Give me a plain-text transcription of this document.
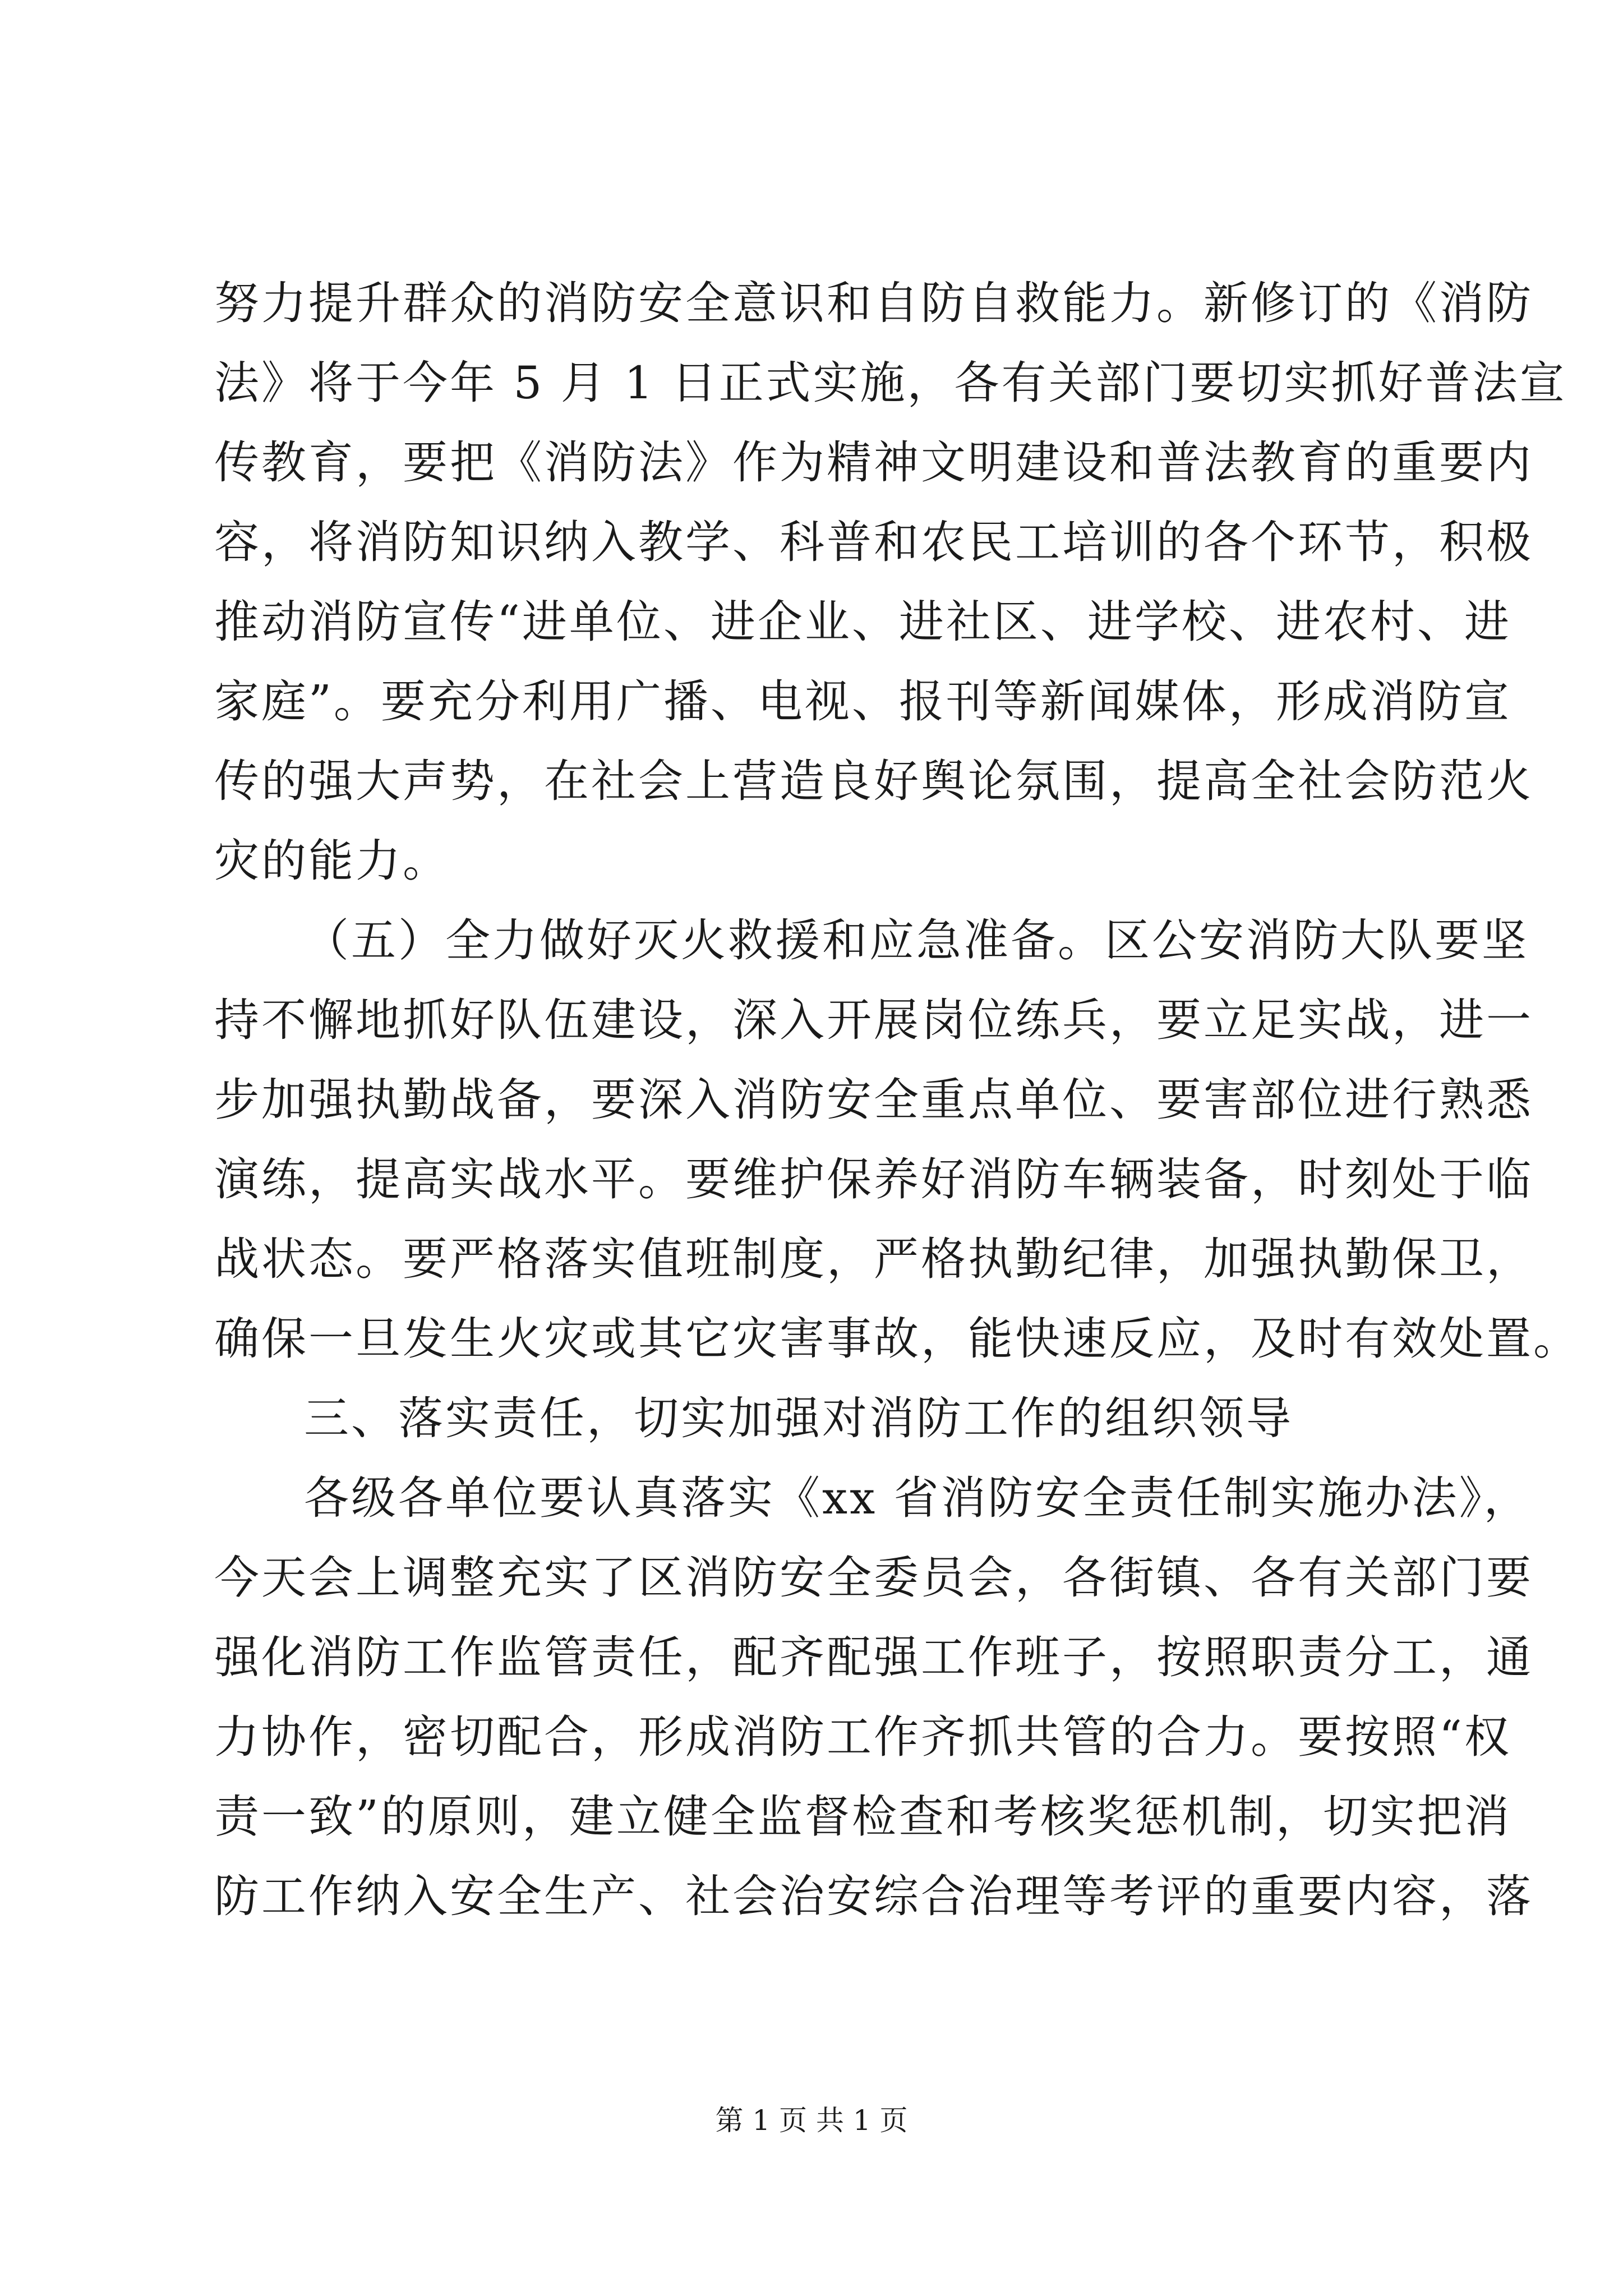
努力提升群众的消防安全意识和自防自救能力。新修订的《消防
法》将于今年 5 月 1 日正式实施，各有关部门要切实抓好普法宣
传教育，要把《消防法》作为精神文明建设和普法教育的重要内
容，将消防知识纳入教学、科普和农民工培训的各个环节，积极
推动消防宣传“进单位、进企业、进社区、进学校、进农村、进
家庭”。要充分利用广播、电视、报刊等新闻媒体，形成消防宣
传的强大声势，在社会上营造良好舆论氛围，提高全社会防范火
灾的能力。
（五）全力做好灭火救援和应急准备。区公安消防大队要坚
持不懈地抓好队伍建设，深入开展岗位练兵，要立足实战，进一
步加强执勤战备，要深入消防安全重点单位、要害部位进行熟悉
演练，提高实战水平。要维护保养好消防车辆装备，时刻处于临
战状态。要严格落实值班制度，严格执勤纪律，加强执勤保卫，
确保一旦发生火灾或其它灾害事故，能快速反应，及时有效处置。
三、落实责任，切实加强对消防工作的组织领导
各级各单位要认真落实《xx 省消防安全责任制实施办法》，
今天会上调整充实了区消防安全委员会，各街镇、各有关部门要
强化消防工作监管责任，配齐配强工作班子，按照职责分工，通
力协作，密切配合，形成消防工作齐抓共管的合力。要按照“权
责一致”的原则，建立健全监督检查和考核奖惩机制，切实把消
防工作纳入安全生产、社会治安综合治理等考评的重要内容，落
第 1 页 共 1 页
